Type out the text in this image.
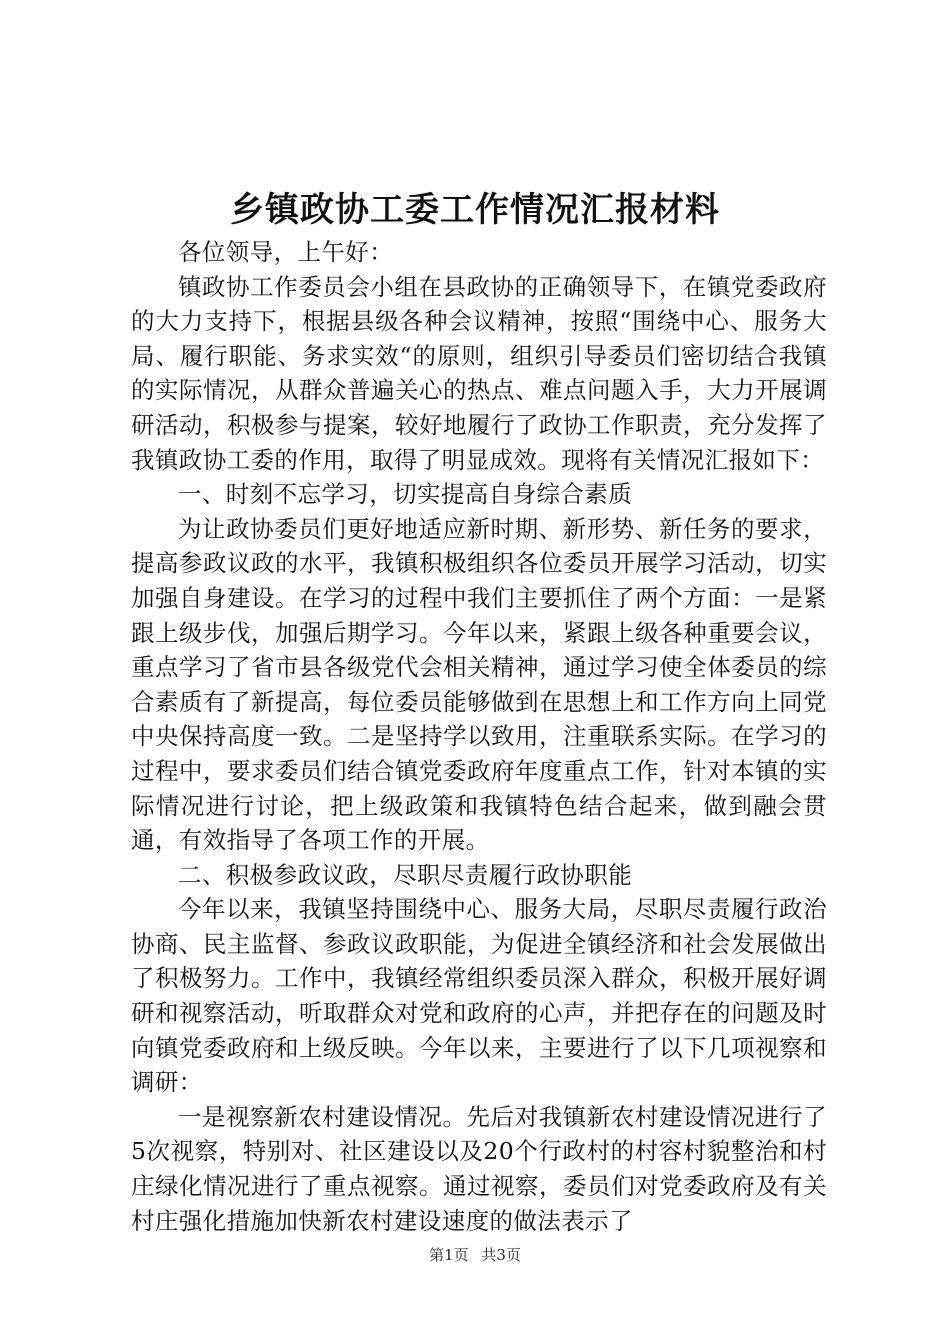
乡镇政协工委工作情况汇报材料

各位领导，上午好：

镇政协工作委员会小组在县政协的正确领导下，在镇党委政府的大力支持下，根据县级各种会议精神，按照“围绕中心、服务大局、履行职能、务求实效“的原则，组织引导委员们密切结合我镇的实际情况，从群众普遍关心的热点、难点问题入手，大力开展调研活动，积极参与提案，较好地履行了政协工作职责，充分发挥了我镇政协工委的作用，取得了明显成效。现将有关情况汇报如下：

一、时刻不忘学习，切实提高自身综合素质

为让政协委员们更好地适应新时期、新形势、新任务的要求，提高参政议政的水平，我镇积极组织各位委员开展学习活动，切实加强自身建设。在学习的过程中我们主要抓住了两个方面：一是紧跟上级步伐，加强后期学习。今年以来，紧跟上级各种重要会议，重点学习了省市县各级党代会相关精神，通过学习使全体委员的综合素质有了新提高，每位委员能够做到在思想上和工作方向上同党中央保持高度一致。二是坚持学以致用，注重联系实际。在学习的过程中，要求委员们结合镇党委政府年度重点工作，针对本镇的实际情况进行讨论，把上级政策和我镇特色结合起来，做到融会贯通，有效指导了各项工作的开展。

二、积极参政议政，尽职尽责履行政协职能

今年以来，我镇坚持围绕中心、服务大局，尽职尽责履行政治协商、民主监督、参政议政职能，为促进全镇经济和社会发展做出了积极努力。工作中，我镇经常组织委员深入群众，积极开展好调研和视察活动，听取群众对党和政府的心声，并把存在的问题及时向镇党委政府和上级反映。今年以来，主要进行了以下几项视察和调研：

一是视察新农村建设情况。先后对我镇新农村建设情况进行了5次视察，特别对、社区建设以及20个行政村的村容村貌整治和村庄绿化情况进行了重点视察。通过视察，委员们对党委政府及有关村庄强化措施加快新农村建设速度的做法表示了

第1页 共3页
